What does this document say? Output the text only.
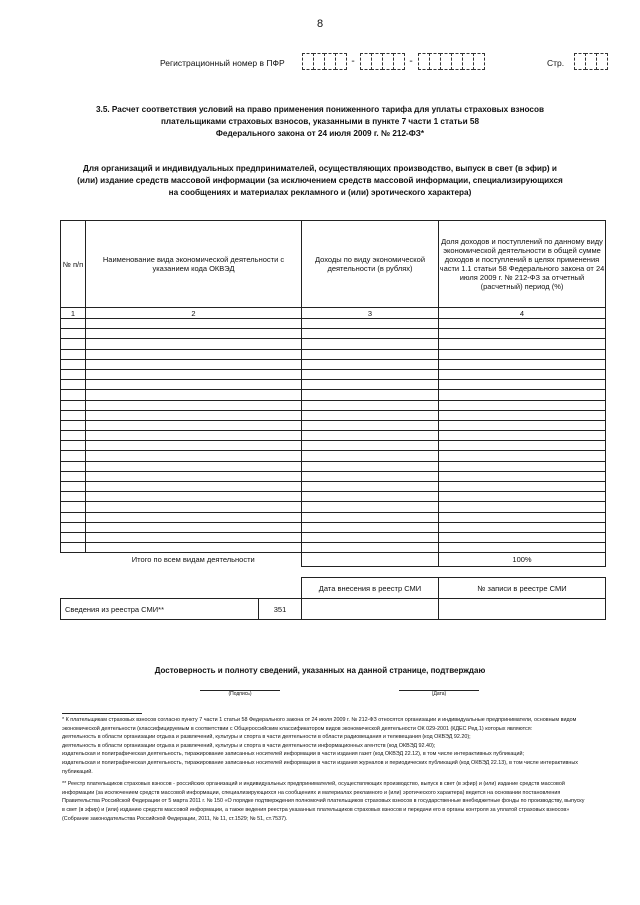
8
Регистрационный номер в ПФР	-	-	Стр.
3.5. Расчет соответствия условий на право применения пониженного тарифа для уплаты страховых взносов
плательщиками страховых взносов, указанными в пункте 7 части 1 статьи 58
Федерального закона от 24 июля 2009 г. № 212-ФЗ*
Для организаций и индивидуальных предпринимателей, осуществляющих производство, выпуск в свет (в эфир) и
(или) издание средств массовой информации (за исключением средств массовой информации, специализирующихся
на сообщениях и материалах рекламного и (или) эротического характера)
№ п/п	Наименование вида экономической деятельности с указанием кода ОКВЭД	Доходы по виду экономической деятельности (в рублях)	Доля доходов и поступлений по данному виду экономической деятельности в общей сумме доходов и поступлений в целях применения части 1.1 статьи 58 Федерального закона от 24 июля 2009 г. № 212-ФЗ за отчетный (расчетный) период (%)
1	2	3	4

	Итого по всем видам деятельности		100%
		Дата внесения в реестр СМИ	№ записи в реестре СМИ
Сведения из реестра СМИ**	351		
Достоверность и полноту сведений, указанных на данной странице, подтверждаю
(Подпись)	(Дата)

* К плательщикам страховых взносов согласно пункту 7 части 1 статьи 58 Федерального закона от 24 июля 2009 г. № 212-ФЗ относятся организации и индивидуальные предприниматели, основным видом экономической деятельности (классифицируемым в соответствии с Общероссийским классификатором видов экономической деятельности ОК 029-2001 (КДЕС Ред.1) которых являются:

деятельность в области организации отдыха и развлечений, культуры и спорта в части деятельности в области радиовещания и телевещания (код ОКВЭД 92.20);

деятельность в области организации отдыха и развлечений, культуры и спорта в части деятельности информационных агентств (код ОКВЭД 92.40);

издательская и полиграфическая деятельность, тиражирование записанных носителей информации в части издания газет (код ОКВЭД 22.12), в том числе интерактивных публикаций;

издательская и полиграфическая деятельность, тиражирование записанных носителей информации в части издания журналов и периодических публикаций (код ОКВЭД 22.13), в том числе интерактивных публикаций.

** Реестр плательщиков страховых взносов - российских организаций и индивидуальных предпринимателей, осуществляющих производство, выпуск в свет (в эфир) и (или) издание средств массовой информации (за исключением средств массовой информации, специализирующихся на сообщениях и материалах рекламного и (или) эротического характера) ведется на основании постановления Правительства Российской Федерации от 5 марта 2011 г. № 150 «О порядке подтверждения полномочий плательщиков страховых взносов в государственные внебюджетные фонды по производству, выпуску в свет (в эфир) и (или) изданию средств массовой информации, а также ведения реестра указанных плательщиков страховых взносов и передачи его в органы контроля за уплатой страховых взносов» (Собрание законодательства Российской Федерации, 2011, № 11, ст.1529; № 51, ст.7537).
